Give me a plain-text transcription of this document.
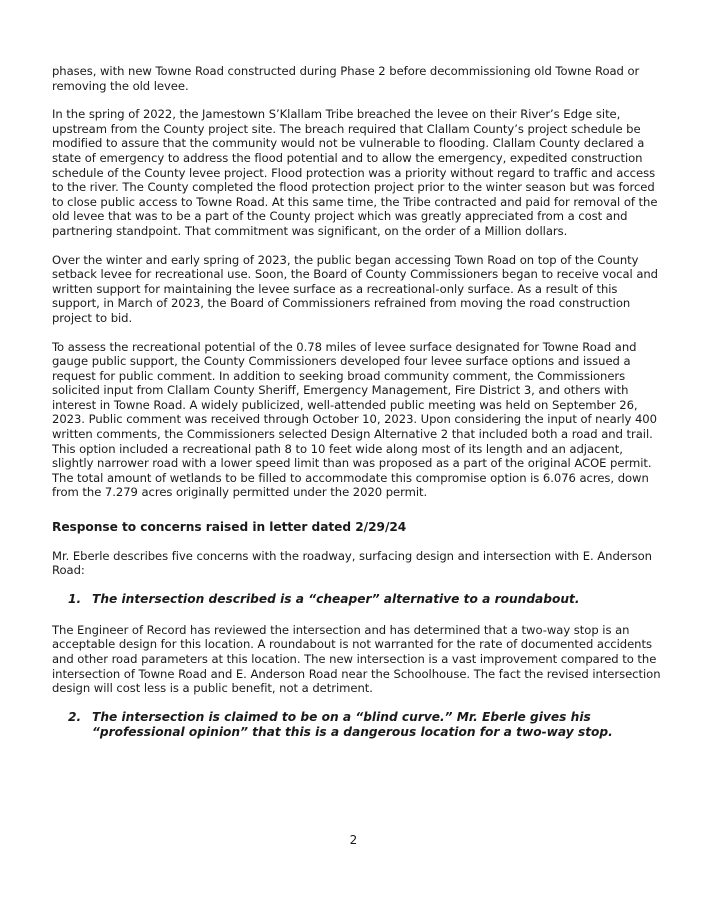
phases, with new Towne Road constructed during Phase 2 before decommissioning old Towne Road or removing the old levee.

In the spring of 2022, the Jamestown S’Klallam Tribe breached the levee on their River’s Edge site, upstream from the County project site. The breach required that Clallam County’s project schedule be modified to assure that the community would not be vulnerable to flooding. Clallam County declared a state of emergency to address the flood potential and to allow the emergency, expedited construction schedule of the County levee project. Flood protection was a priority without regard to traffic and access to the river. The County completed the flood protection project prior to the winter season but was forced to close public access to Towne Road. At this same time, the Tribe contracted and paid for removal of the old levee that was to be a part of the County project which was greatly appreciated from a cost and partnering standpoint. That commitment was significant, on the order of a Million dollars.

Over the winter and early spring of 2023, the public began accessing Town Road on top of the County setback levee for recreational use. Soon, the Board of County Commissioners began to receive vocal and written support for maintaining the levee surface as a recreational-only surface. As a result of this support, in March of 2023, the Board of Commissioners refrained from moving the road construction project to bid.

To assess the recreational potential of the 0.78 miles of levee surface designated for Towne Road and gauge public support, the County Commissioners developed four levee surface options and issued a request for public comment. In addition to seeking broad community comment, the Commissioners solicited input from Clallam County Sheriff, Emergency Management, Fire District 3, and others with interest in Towne Road. A widely publicized, well-attended public meeting was held on September 26, 2023. Public comment was received through October 10, 2023. Upon considering the input of nearly 400 written comments, the Commissioners selected Design Alternative 2 that included both a road and trail. This option included a recreational path 8 to 10 feet wide along most of its length and an adjacent, slightly narrower road with a lower speed limit than was proposed as a part of the original ACOE permit. The total amount of wetlands to be filled to accommodate this compromise option is 6.076 acres, down from the 7.279 acres originally permitted under the 2020 permit.

Response to concerns raised in letter dated 2/29/24

Mr. Eberle describes five concerns with the roadway, surfacing design and intersection with E. Anderson Road:

1. The intersection described is a “cheaper” alternative to a roundabout.

The Engineer of Record has reviewed the intersection and has determined that a two-way stop is an acceptable design for this location. A roundabout is not warranted for the rate of documented accidents and other road parameters at this location. The new intersection is a vast improvement compared to the intersection of Towne Road and E. Anderson Road near the Schoolhouse. The fact the revised intersection design will cost less is a public benefit, not a detriment.

2. The intersection is claimed to be on a “blind curve.” Mr. Eberle gives his “professional opinion” that this is a dangerous location for a two-way stop.
2
